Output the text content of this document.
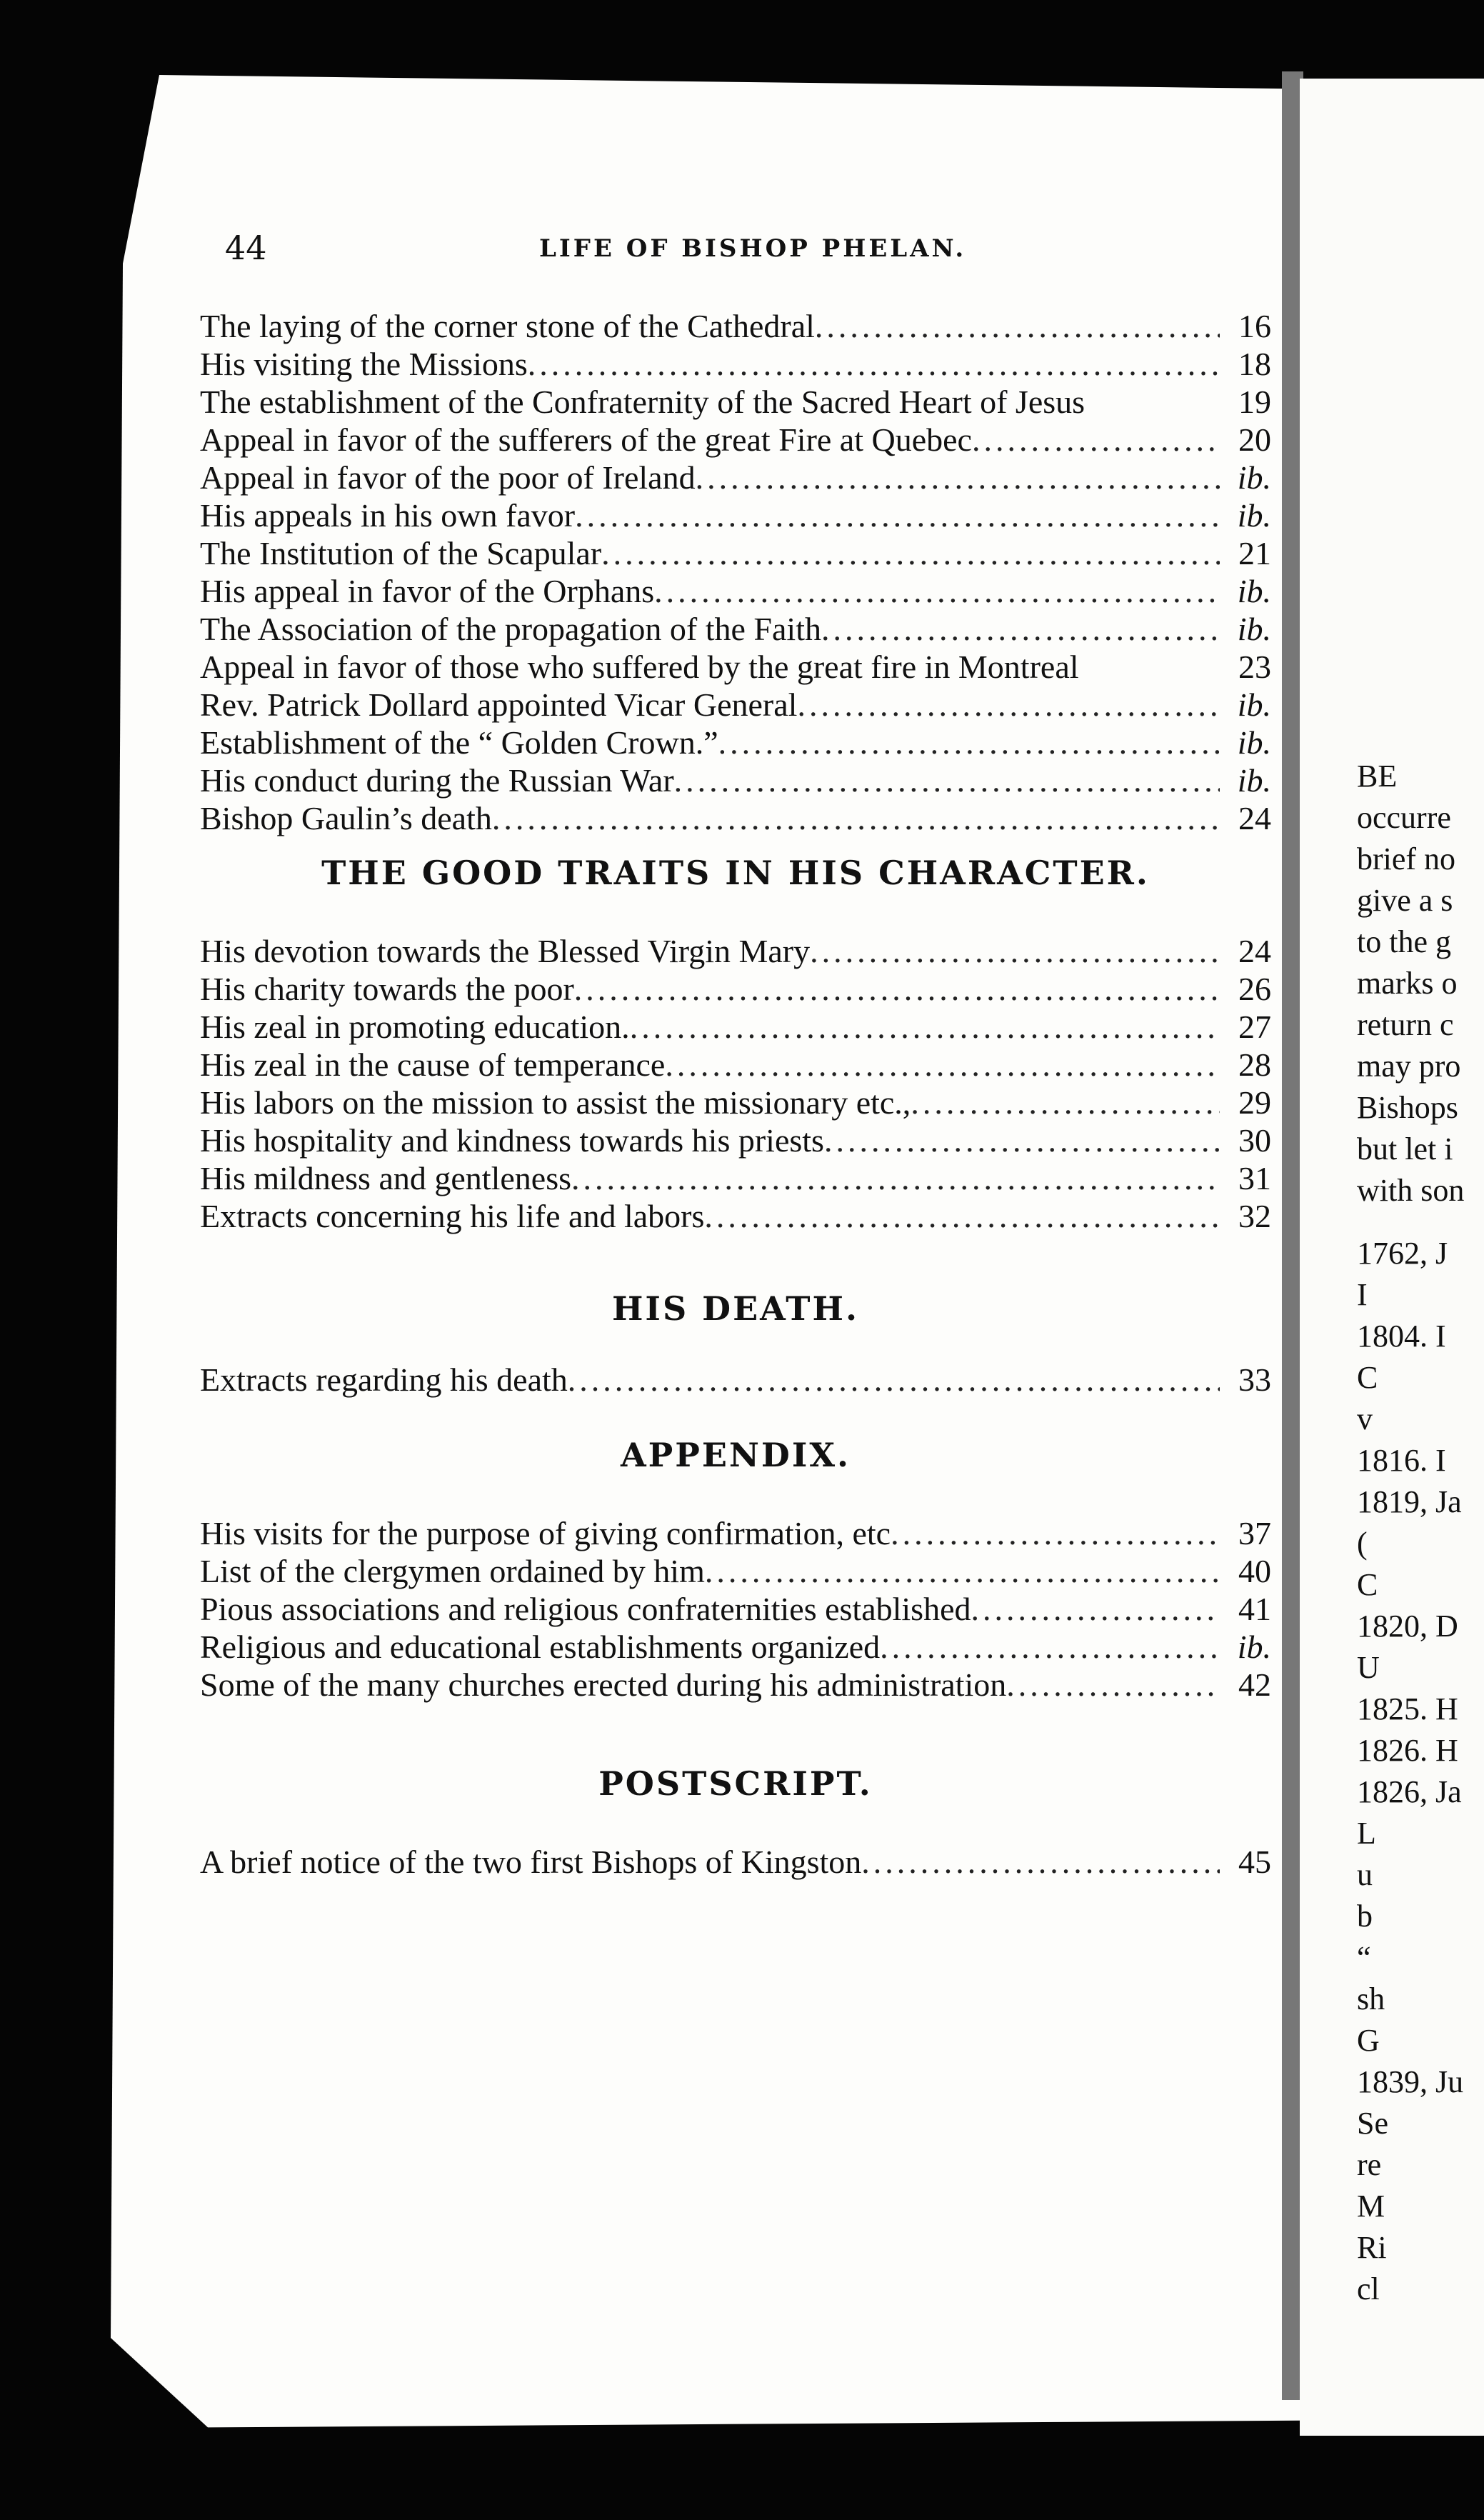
44	LIFE OF BISHOP PHELAN.
The laying of the corner stone of the Cathedral .....	16
His visiting the Missions .....	18
The establishment of the Confraternity of the Sacred Heart of Jesus	19
Appeal in favor of the sufferers of the great Fire at Quebec .....	20
Appeal in favor of the poor of Ireland .....	ib.
His appeals in his own favor .....	ib.
The Institution of the Scapular .....	21
His appeal in favor of the Orphans .....	ib.
The Association of the propagation of the Faith .....	ib.
Appeal in favor of those who suffered by the great fire in Montreal	23
Rev. Patrick Dollard appointed Vicar General .....	ib.
Establishment of the “ Golden Crown.” .....	ib.
His conduct during the Russian War .....	ib.
Bishop Gaulin’s death .....	24
THE GOOD TRAITS IN HIS CHARACTER.
His devotion towards the Blessed Virgin Mary .....	24
His charity towards the poor .....	26
His zeal in promoting education. .....	27
His zeal in the cause of temperance .....	28
His labors on the mission to assist the missionary etc., .....	29
His hospitality and kindness towards his priests .....	30
His mildness and gentleness .....	31
Extracts concerning his life and labors .....	32
HIS DEATH.
Extracts regarding his death .....	33
APPENDIX.
His visits for the purpose of giving confirmation, etc .....	37
List of the clergymen ordained by him .....	40
Pious associations and religious confraternities established .....	41
Religious and educational establishments organized .....	ib.
Some of the many churches erected during his administration .....	42
POSTSCRIPT.
A brief notice of the two first Bishops of Kingston .....	45
BE
occurre
brief no
give a s
to the g
marks o
return c
may pro
Bishops
but let i
with son
1762, J
I
1804. I
C
v
1816. I
1819, Ja
(
C
1820, D
U
1825. H
1826. H
1826, Ja
L
u
b
“
sh
G
1839, Ju
Se
re
M
Ri
cl
